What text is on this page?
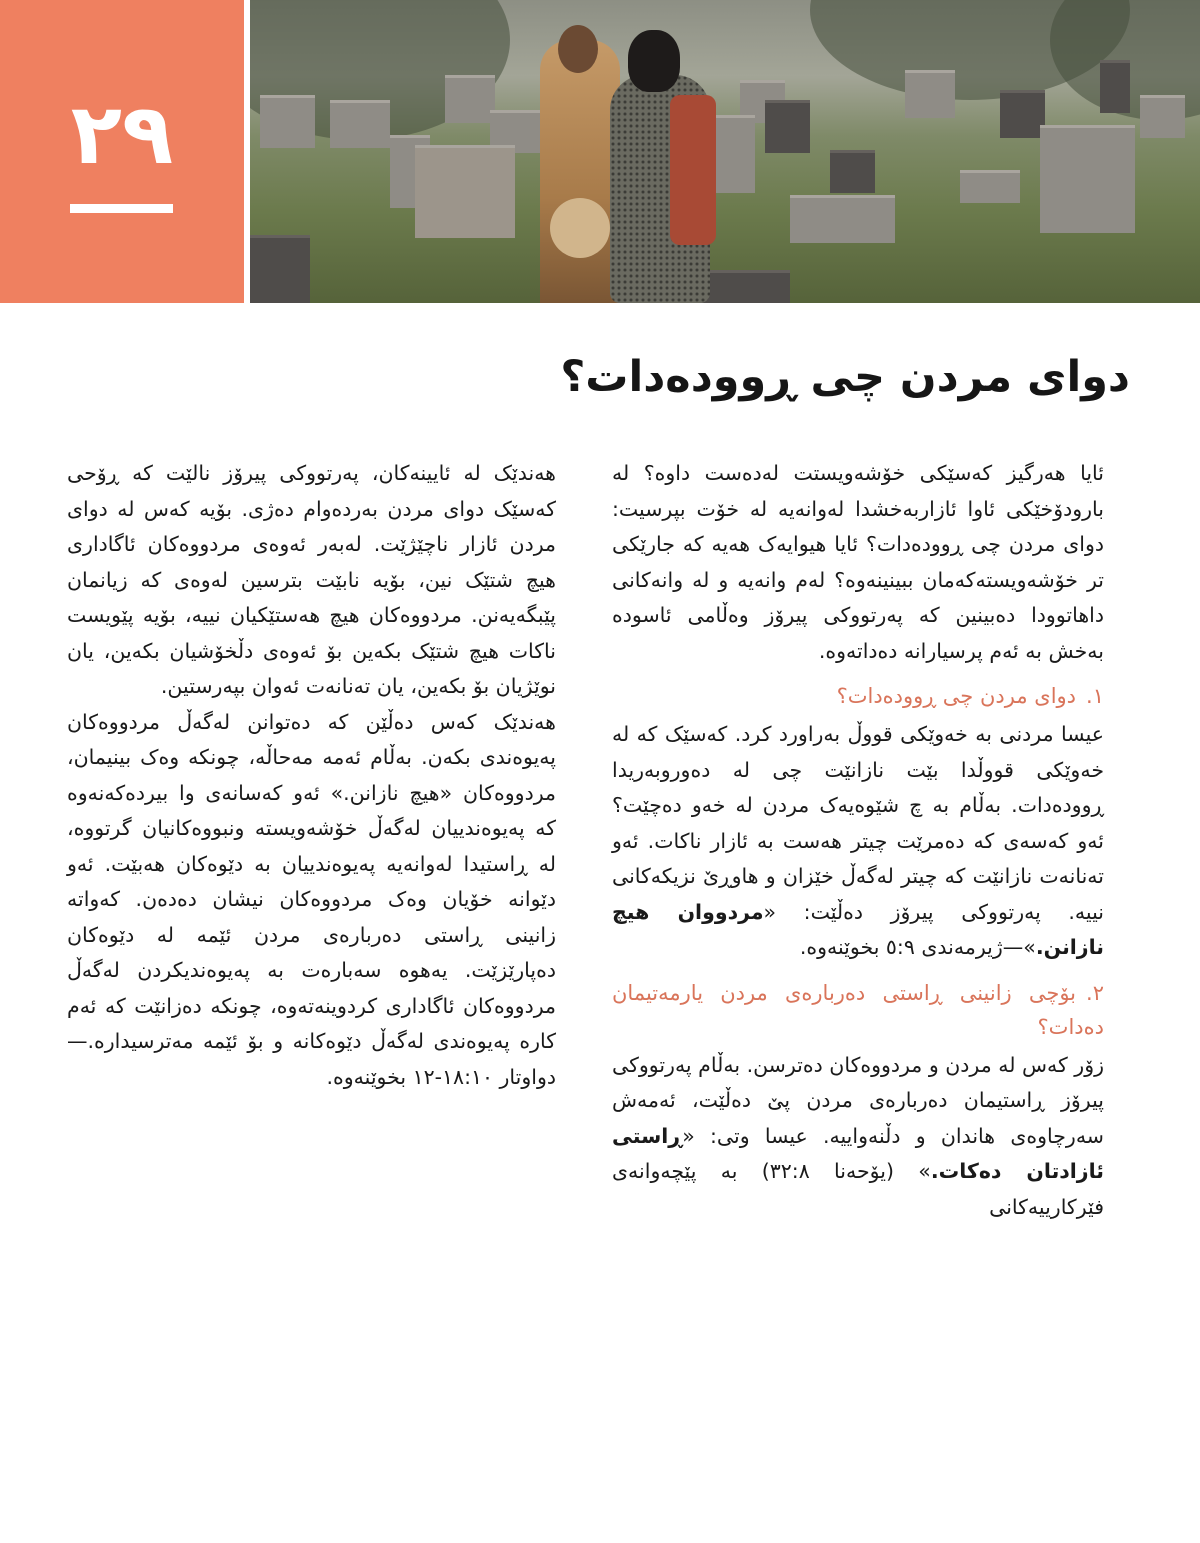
٢٩
دوای مردن چی ڕوودەدات؟

ئایا هەرگیز کەسێکی خۆشەویستت لەدەست داوە؟ لە بارودۆخێکی ئاوا ئازاربەخشدا لەوانەیە لە خۆت بپرسیت: دوای مردن چی ڕوودەدات؟ ئایا هیوایەک هەیە کە جارێکی تر خۆشەویستەکەمان ببینینەوە؟ لەم وانەیە و لە وانەکانی داهاتوودا دەبینین کە پەرتووکی پیرۆز وەڵامی ئاسودە بەخش بە ئەم پرسیارانە دەداتەوە.

١.دوای مردن چی ڕوودەدات؟

عیسا مردنی بە خەوێکی قووڵ بەراورد کرد. کەسێک کە لە خەوێکی قووڵدا بێت نازانێت چی لە دەوروبەریدا ڕوودەدات. بەڵام بە چ شێوەیەک مردن لە خەو دەچێت؟ ئەو کەسەی کە دەمرێت چیتر هەست بە ئازار ناکات. ئەو تەنانەت نازانێت کە چیتر لەگەڵ خێزان و هاوڕێ نزیکەکانی نییە. پەرتووکی پیرۆز دەڵێت: «مردووان هیچ نازانن.»—ژیرمەندی ٥:٩ بخوێنەوە.

٢.بۆچی زانینی ڕاستی دەربارەی مردن یارمەتیمان دەدات؟

زۆر کەس لە مردن و مردووەکان دەترسن. بەڵام پەرتووکی پیرۆز ڕاستیمان دەربارەی مردن پێ دەڵێت، ئەمەش سەرچاوەی هاندان و دڵنەواییە. عیسا وتی: «ڕاستی ئازادتان دەکات.» (یۆحەنا ٣٢:٨) بە پێچەوانەی فێرکارییەکانی

هەندێک لە ئایینەکان، پەرتووکی پیرۆز نالێت کە ڕۆحی کەسێک دوای مردن بەردەوام دەژی. بۆیە کەس لە دوای مردن ئازار ناچێژێت. لەبەر ئەوەی مردووەکان ئاگاداری هیچ شتێک نین، بۆیە نابێت بترسین لەوەی کە زیانمان پێبگەیەنن. مردووەکان هیچ هەستێکیان نییە، بۆیە پێویست ناکات هیچ شتێک بکەین بۆ ئەوەی دڵخۆشیان بکەین، یان نوێژیان بۆ بکەین، یان تەنانەت ئەوان بپەرستین.

هەندێک کەس دەڵێن کە دەتوانن لەگەڵ مردووەکان پەیوەندی بکەن. بەڵام ئەمە مەحاڵە، چونکە وەک بینیمان، مردووەکان «هیچ نازانن.» ئەو کەسانەی وا بیردەکەنەوە کە پەیوەندییان لەگەڵ خۆشەویستە ونبووەکانیان گرتووە، لە ڕاستیدا لەوانەیە پەیوەندییان بە دێوەکان هەبێت. ئەو دێوانە خۆیان وەک مردووەکان نیشان دەدەن. کەواتە زانینی ڕاستی دەربارەی مردن ئێمە لە دێوەکان دەپارێزێت. یەهوە سەبارەت بە پەیوەندیکردن لەگەڵ مردووەکان ئاگاداری کردوینەتەوە، چونکە دەزانێت کە ئەم کارە پەیوەندی لەگەڵ دێوەکانە و بۆ ئێمە مەترسیدارە.—دواوتار ١٨:١٠-١٢ بخوێنەوە.
